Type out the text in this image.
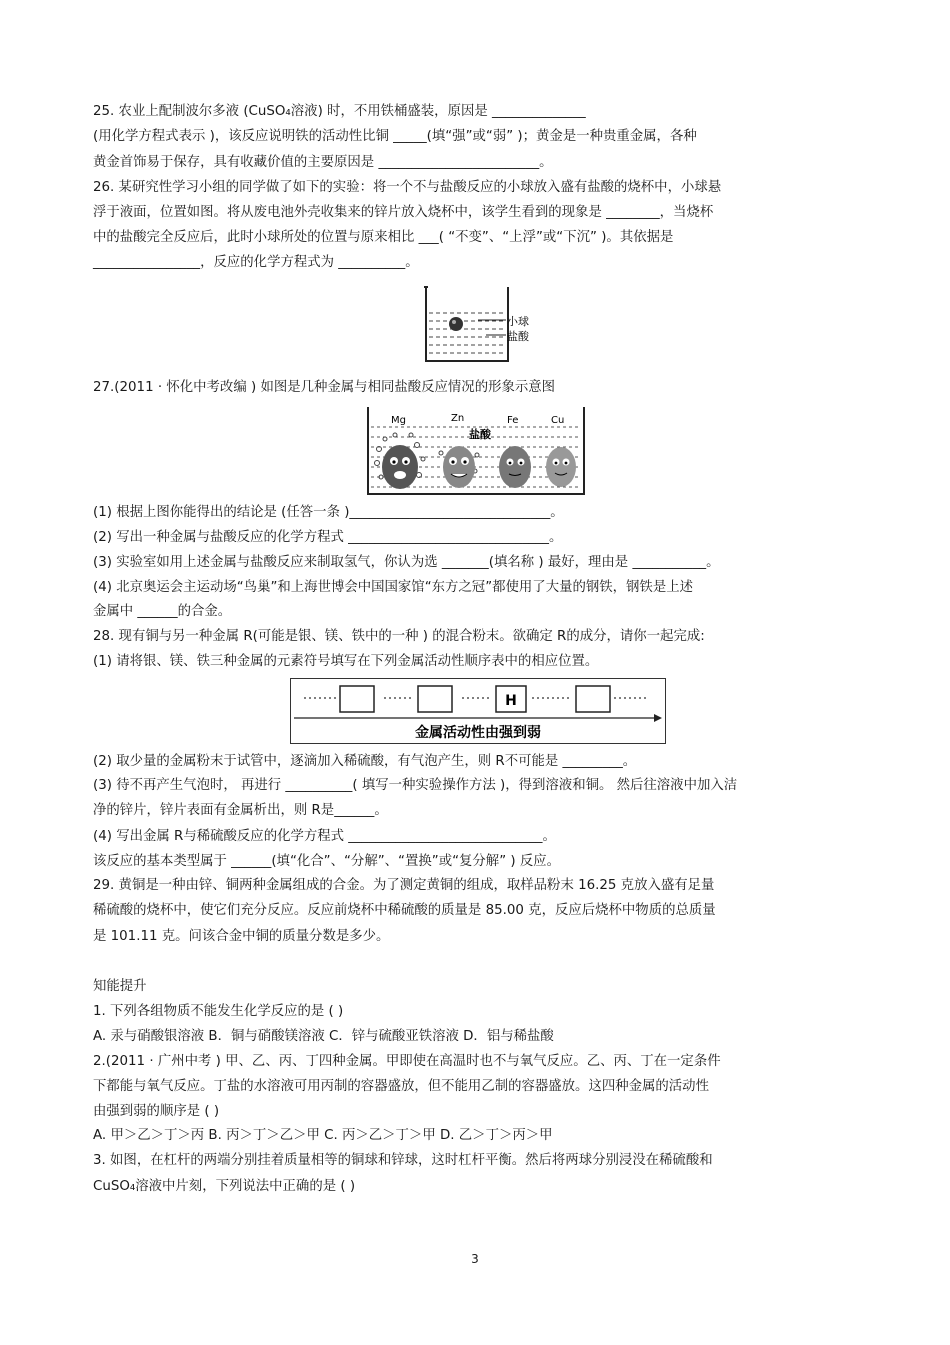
25. 农业上配制波尔多液 (CuSO₄溶液) 时，不用铁桶盛装，原因是 ______________
(用化学方程式表示 )，该反应说明铁的活动性比铜 _____(填“强”或“弱” )；黄金是一种贵重金属，各种
黄金首饰易于保存，具有收藏价值的主要原因是 ________________________。
26. 某研究性学习小组的同学做了如下的实验：将一个不与盐酸反应的小球放入盛有盐酸的烧杯中，小球悬
浮于液面，位置如图。将从废电池外壳收集来的锌片放入烧杯中，该学生看到的现象是 ________，当烧杯
中的盐酸完全反应后，此时小球所处的位置与原来相比 ___( “不变”、“上浮”或“下沉” )。其依据是
________________，反应的化学方程式为 __________。
小球
盐酸
27.(2011 · 怀化中考改编 ) 如图是几种金属与相同盐酸反应情况的形象示意图
Mg	Zn	Fe	Cu
盐酸
(1) 根据上图你能得出的结论是 (任答一条 )______________________________。
(2) 写出一种金属与盐酸反应的化学方程式 ______________________________。
(3) 实验室如用上述金属与盐酸反应来制取氢气，你认为选 _______(填名称 ) 最好，理由是 ___________。
(4) 北京奥运会主运动场“鸟巢”和上海世博会中国国家馆“东方之冠”都使用了大量的钢铁，钢铁是上述
金属中 ______的合金。
28. 现有铜与另一种金属 R(可能是银、镁、铁中的一种 ) 的混合粉末。欲确定 R的成分，请你一起完成:
(1) 请将银、镁、铁三种金属的元素符号填写在下列金属活动性顺序表中的相应位置。
H
金属活动性由强到弱
(2) 取少量的金属粉末于试管中，逐滴加入稀硫酸，有气泡产生，则 R不可能是 _________。
(3) 待不再产生气泡时， 再进行 __________( 填写一种实验操作方法 )，得到溶液和铜。 然后往溶液中加入洁
净的锌片，锌片表面有金属析出，则 R是______。
(4) 写出金属 R与稀硫酸反应的化学方程式 _____________________________。
该反应的基本类型属于 ______(填“化合”、“分解”、“置换”或“复分解” ) 反应。
29. 黄铜是一种由锌、铜两种金属组成的合金。为了测定黄铜的组成，取样品粉末 16.25 克放入盛有足量
稀硫酸的烧杯中，使它们充分反应。反应前烧杯中稀硫酸的质量是 85.00 克，反应后烧杯中物质的总质量
是 101.11 克。问该合金中铜的质量分数是多少。
知能提升
1. 下列各组物质不能发生化学反应的是 ( )
A. 汞与硝酸银溶液 B．铜与硝酸镁溶液 C．锌与硫酸亚铁溶液 D．铝与稀盐酸
2.(2011 · 广州中考 ) 甲、乙、丙、丁四种金属。甲即使在高温时也不与氧气反应。乙、丙、丁在一定条件
下都能与氧气反应。丁盐的水溶液可用丙制的容器盛放，但不能用乙制的容器盛放。这四种金属的活动性
由强到弱的顺序是 ( )
A. 甲＞乙＞丁＞丙 B. 丙＞丁＞乙＞甲 C. 丙＞乙＞丁＞甲 D. 乙＞丁＞丙＞甲
3. 如图，在杠杆的两端分别挂着质量相等的铜球和锌球，这时杠杆平衡。然后将两球分别浸没在稀硫酸和
CuSO₄溶液中片刻，下列说法中正确的是 ( )
3
